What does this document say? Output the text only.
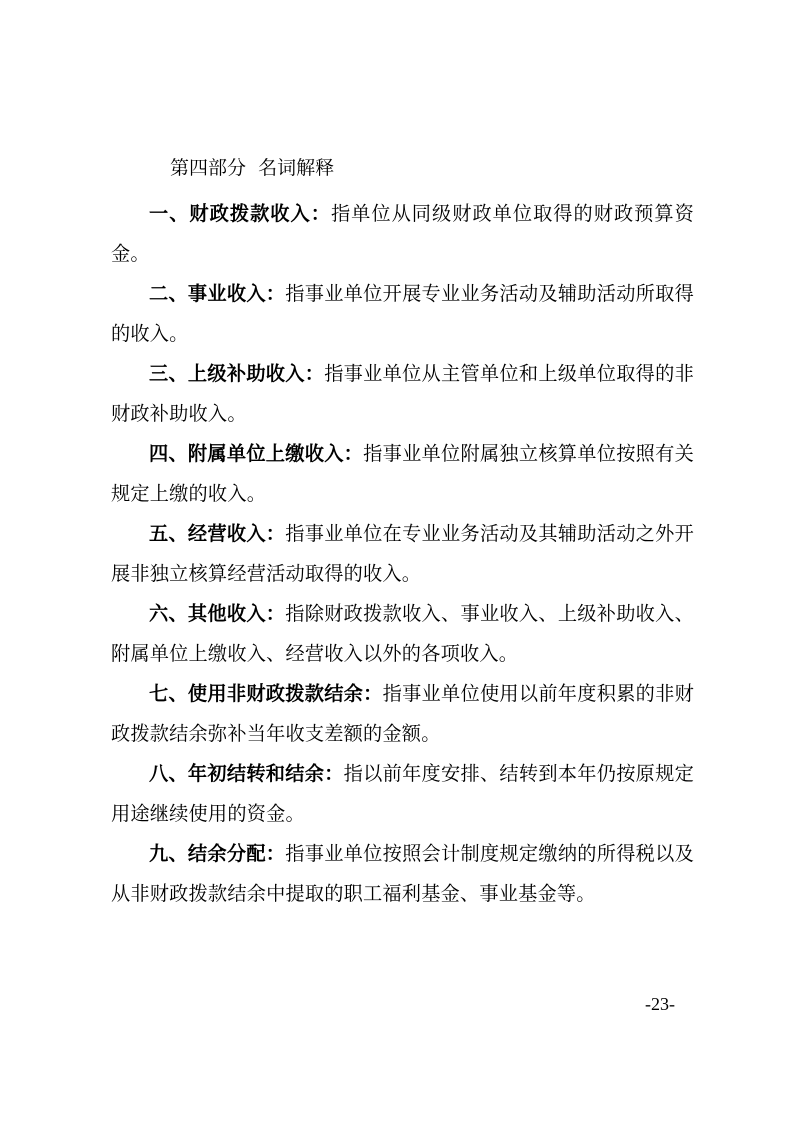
第四部分  名词解释
一、财政拨款收入：指单位从同级财政单位取得的财政预算资金。
二、事业收入：指事业单位开展专业业务活动及辅助活动所取得的收入。
三、上级补助收入：指事业单位从主管单位和上级单位取得的非财政补助收入。
四、附属单位上缴收入：指事业单位附属独立核算单位按照有关规定上缴的收入。
五、经营收入：指事业单位在专业业务活动及其辅助活动之外开展非独立核算经营活动取得的收入。
六、其他收入：指除财政拨款收入、事业收入、上级补助收入、附属单位上缴收入、经营收入以外的各项收入。
七、使用非财政拨款结余：指事业单位使用以前年度积累的非财政拨款结余弥补当年收支差额的金额。
八、年初结转和结余：指以前年度安排、结转到本年仍按原规定用途继续使用的资金。
九、结余分配：指事业单位按照会计制度规定缴纳的所得税以及从非财政拨款结余中提取的职工福利基金、事业基金等。
-23-
